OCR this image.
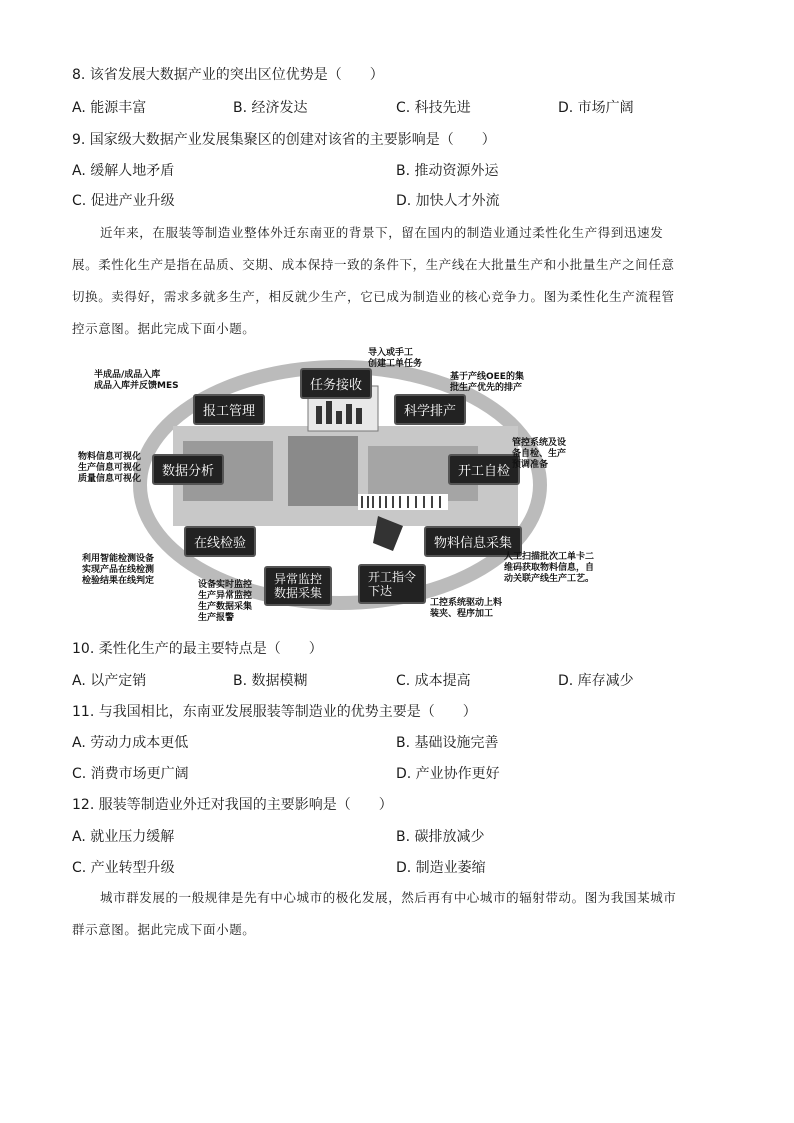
8. 该省发展大数据产业的突出区位优势是（　　）
A. 能源丰富	B. 经济发达	C. 科技先进	D. 市场广阔
9. 国家级大数据产业发展集聚区的创建对该省的主要影响是（　　）
A. 缓解人地矛盾	B. 推动资源外运
C. 促进产业升级	D. 加快人才外流
近年来，在服装等制造业整体外迁东南亚的背景下，留在国内的制造业通过柔性化生产得到迅速发
展。柔性化生产是指在品质、交期、成本保持一致的条件下，生产线在大批量生产和小批量生产之间任意
切换。卖得好，需求多就多生产，相反就少生产，它已成为制造业的核心竞争力。图为柔性化生产流程管
控示意图。据此完成下面小题。
任务接收
科学排产
开工自检
物料信息采集
开工指令
下达
异常监控
数据采集
在线检验
数据分析
报工管理
导入或手工
创建工单任务
基于产线OEE的集
批生产优先的排产
管控系统及设
备自检、生产
预调准备
人工扫描批次工单卡二
维码获取物料信息，自
动关联产线生产工艺。
工控系统驱动上料
装夹、程序加工
设备实时监控
生产异常监控
生产数据采集
生产报警
利用智能检测设备
实现产品在线检测
检验结果在线判定
物料信息可视化
生产信息可视化
质量信息可视化
半成品/成品入库
成品入库并反馈MES
10. 柔性化生产的最主要特点是（　　）
A. 以产定销	B. 数据模糊	C. 成本提高	D. 库存减少
11. 与我国相比，东南亚发展服装等制造业的优势主要是（　　）
A. 劳动力成本更低	B. 基础设施完善
C. 消费市场更广阔	D. 产业协作更好
12. 服装等制造业外迁对我国的主要影响是（　　）
A. 就业压力缓解	B. 碳排放减少
C. 产业转型升级	D. 制造业萎缩
城市群发展的一般规律是先有中心城市的极化发展，然后再有中心城市的辐射带动。图为我国某城市
群示意图。据此完成下面小题。
